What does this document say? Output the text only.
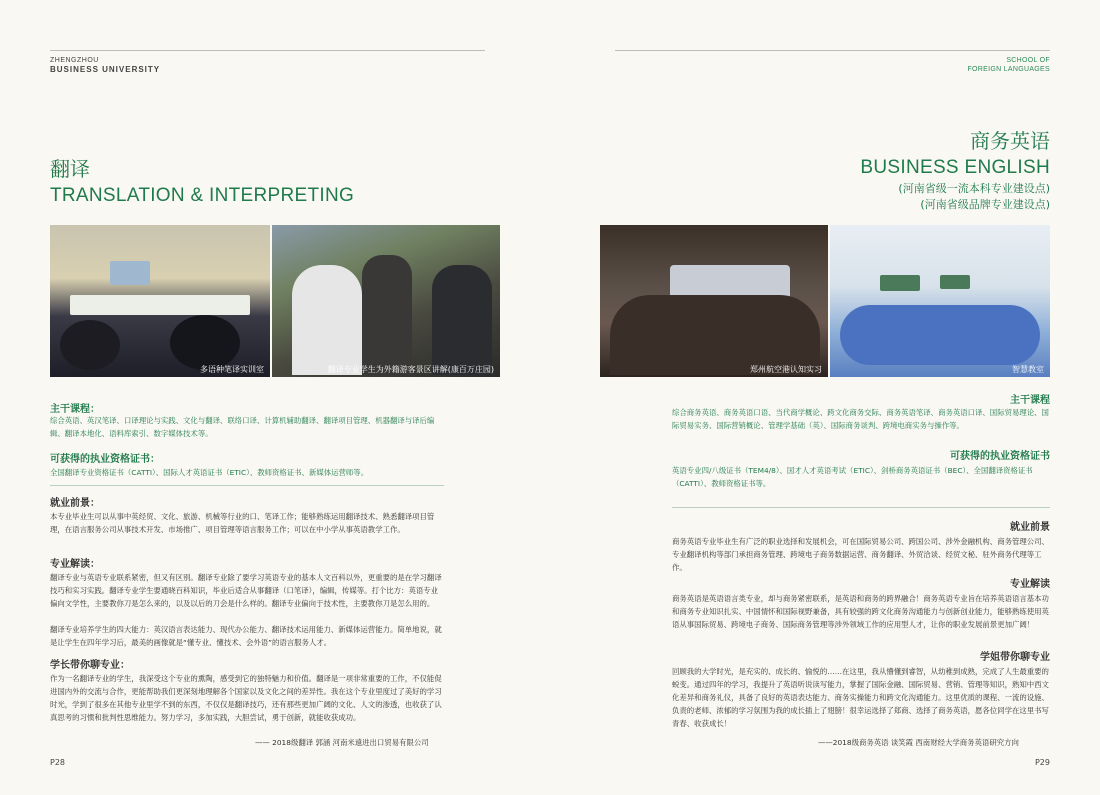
ZHENGZHOU
BUSINESS UNIVERSITY
SCHOOL OF
FOREIGN LANGUAGES
翻译
TRANSLATION & INTERPRETING
商务英语
BUSINESS ENGLISH
(河南省级一流本科专业建设点)
(河南省级品牌专业建设点)
多语种笔译实训室	翻译专业学生为外籍游客景区讲解(康百万庄园)	郑州航空港认知实习	智慧教室
主干课程：
综合英语、英汉笔译、口译理论与实践、文化与翻译、联络口译、计算机辅助翻译、翻译项目管理、机器翻译与译后编辑、翻译本地化、语料库索引、数字媒体技术等。
可获得的执业资格证书：
全国翻译专业资格证书（CATTI）、国际人才英语证书（ETIC）、教师资格证书、新媒体运营师等。
就业前景：
本专业毕业生可以从事中英经贸、文化、旅游、机械等行业的口、笔译工作；能够熟练运用翻译技术、熟悉翻译项目管理，在语言服务公司从事技术开发、市场推广、项目管理等语言服务工作；可以在中小学从事英语教学工作。
专业解读：
翻译专业与英语专业联系紧密，但又有区别。翻译专业除了要学习英语专业的基本人文百科以外，更重要的是在学习翻译技巧和实习实践。翻译专业学生要通晓百科知识，毕业后适合从事翻译（口笔译），编辑，传媒等。打个比方：英语专业偏向文学性，主要教你刀是怎么来的，以及以后的刀会是什么样的。翻译专业偏向于技术性，主要教你刀是怎么用的。
翻译专业培养学生的四大能力：英汉语言表达能力、现代办公能力、翻译技术运用能力、新媒体运营能力。简单地说，就是让学生在四年学习后，最美的画像就是“懂专业、懂技术、会外语”的语言服务人才。
学长带你聊专业：
作为一名翻译专业的学生，我深受这个专业的熏陶，感受到它的独特魅力和价值。翻译是一项非常重要的工作，不仅能促进国内外的交流与合作，更能帮助我们更深刻地理解各个国家以及文化之间的差异性。我在这个专业里度过了美好的学习时光，学到了很多在其他专业里学不到的东西，不仅仅是翻译技巧，还有那些更加广阔的文化、人文的渗透，也收获了认真思考的习惯和批判性思维能力。努力学习，多加实践，大胆尝试，勇于创新，就能收获成功。
—— 2018级翻译 郭涵 河南米遠进出口贸易有限公司
P28
主干课程
综合商务英语、商务英语口语、当代商学概论、跨文化商务交际、商务英语笔译、商务英语口译、国际贸易理论、国际贸易实务、国际营销概论、管理学基础（英）、国际商务谈判、跨境电商实务与操作等。
可获得的执业资格证书
英语专业四/八级证书（TEM4/8）、国才人才英语考试（ETIC）、剑桥商务英语证书（BEC）、全国翻译资格证书（CATTI）、教师资格证书等。
就业前景
商务英语专业毕业生有广泛的职业选择和发展机会，可在国际贸易公司、跨国公司、涉外金融机构、商务管理公司、专业翻译机构等部门承担商务管理、跨境电子商务数据运营、商务翻译、外贸洽谈、经贸文秘、驻外商务代理等工作。
专业解读
商务英语是英语语言类专业，却与商务紧密联系，是英语和商务的跨界融合！商务英语专业旨在培养英语语言基本功和商务专业知识扎实、中国情怀和国际视野兼备，具有较强的跨文化商务沟通能力与创新创业能力，能够熟练使用英语从事国际贸易、跨境电子商务、国际商务管理等涉外领域工作的应用型人才，让你的职业发展前景更加广阔！
学姐带你聊专业
回顾我的大学时光，是充实的、成长的、愉悦的……在这里，我从懵懂到睿智，从幼稚到成熟，完成了人生最重要的蜕变。通过四年的学习，我提升了英语听说读写能力，掌握了国际金融、国际贸易、营销、管理等知识，熟知中西文化差异和商务礼仪，具备了良好的英语表达能力、商务实操能力和跨文化沟通能力。这里优质的课程、一流的设施、负责的老师、浓郁的学习氛围为我的成长插上了翅膀！很幸运选择了郑商、选择了商务英语，愿各位同学在这里书写青春、收获成长！
——2018级商务英语 谈笑霞 西南财经大学商务英语研究方向
P29
